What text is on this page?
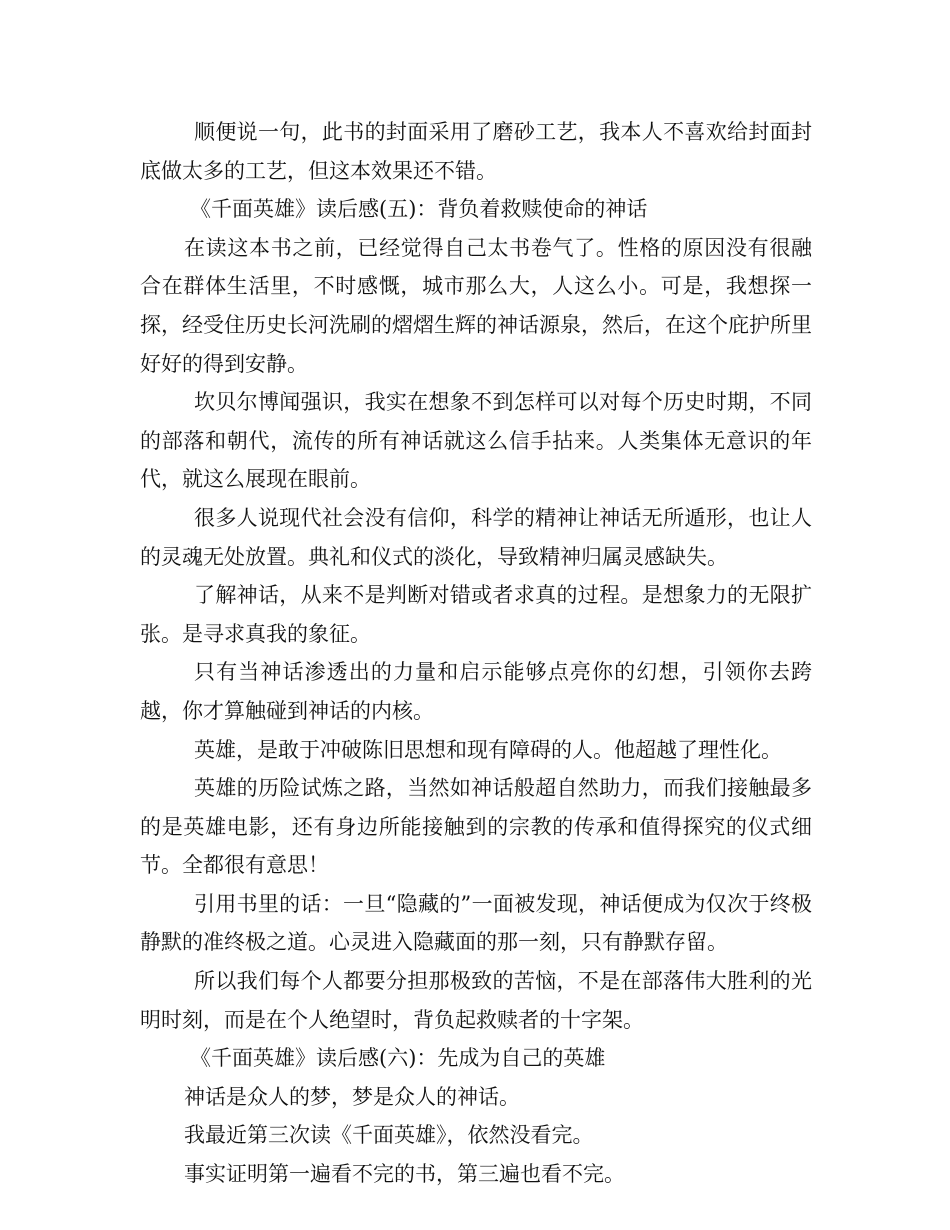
顺便说一句，此书的封面采用了磨砂工艺，我本人不喜欢给封面封底做太多的工艺，但这本效果还不错。

《千面英雄》读后感(五)：背负着救赎使命的神话

在读这本书之前，已经觉得自己太书卷气了。性格的原因没有很融合在群体生活里，不时感慨，城市那么大，人这么小。可是，我想探一探，经受住历史长河洗刷的熠熠生辉的神话源泉，然后，在这个庇护所里好好的得到安静。

坎贝尔博闻强识，我实在想象不到怎样可以对每个历史时期，不同的部落和朝代，流传的所有神话就这么信手拈来。人类集体无意识的年代，就这么展现在眼前。

很多人说现代社会没有信仰，科学的精神让神话无所遁形，也让人的灵魂无处放置。典礼和仪式的淡化，导致精神归属灵感缺失。

了解神话，从来不是判断对错或者求真的过程。是想象力的无限扩张。是寻求真我的象征。

只有当神话渗透出的力量和启示能够点亮你的幻想，引领你去跨越，你才算触碰到神话的内核。

英雄，是敢于冲破陈旧思想和现有障碍的人。他超越了理性化。

英雄的历险试炼之路，当然如神话般超自然助力，而我们接触最多的是英雄电影，还有身边所能接触到的宗教的传承和值得探究的仪式细节。全都很有意思！

引用书里的话：一旦“隐藏的”一面被发现，神话便成为仅次于终极静默的准终极之道。心灵进入隐藏面的那一刻，只有静默存留。

所以我们每个人都要分担那极致的苦恼，不是在部落伟大胜利的光明时刻，而是在个人绝望时，背负起救赎者的十字架。

《千面英雄》读后感(六)：先成为自己的英雄

神话是众人的梦，梦是众人的神话。

我最近第三次读《千面英雄》，依然没看完。

事实证明第一遍看不完的书，第三遍也看不完。
